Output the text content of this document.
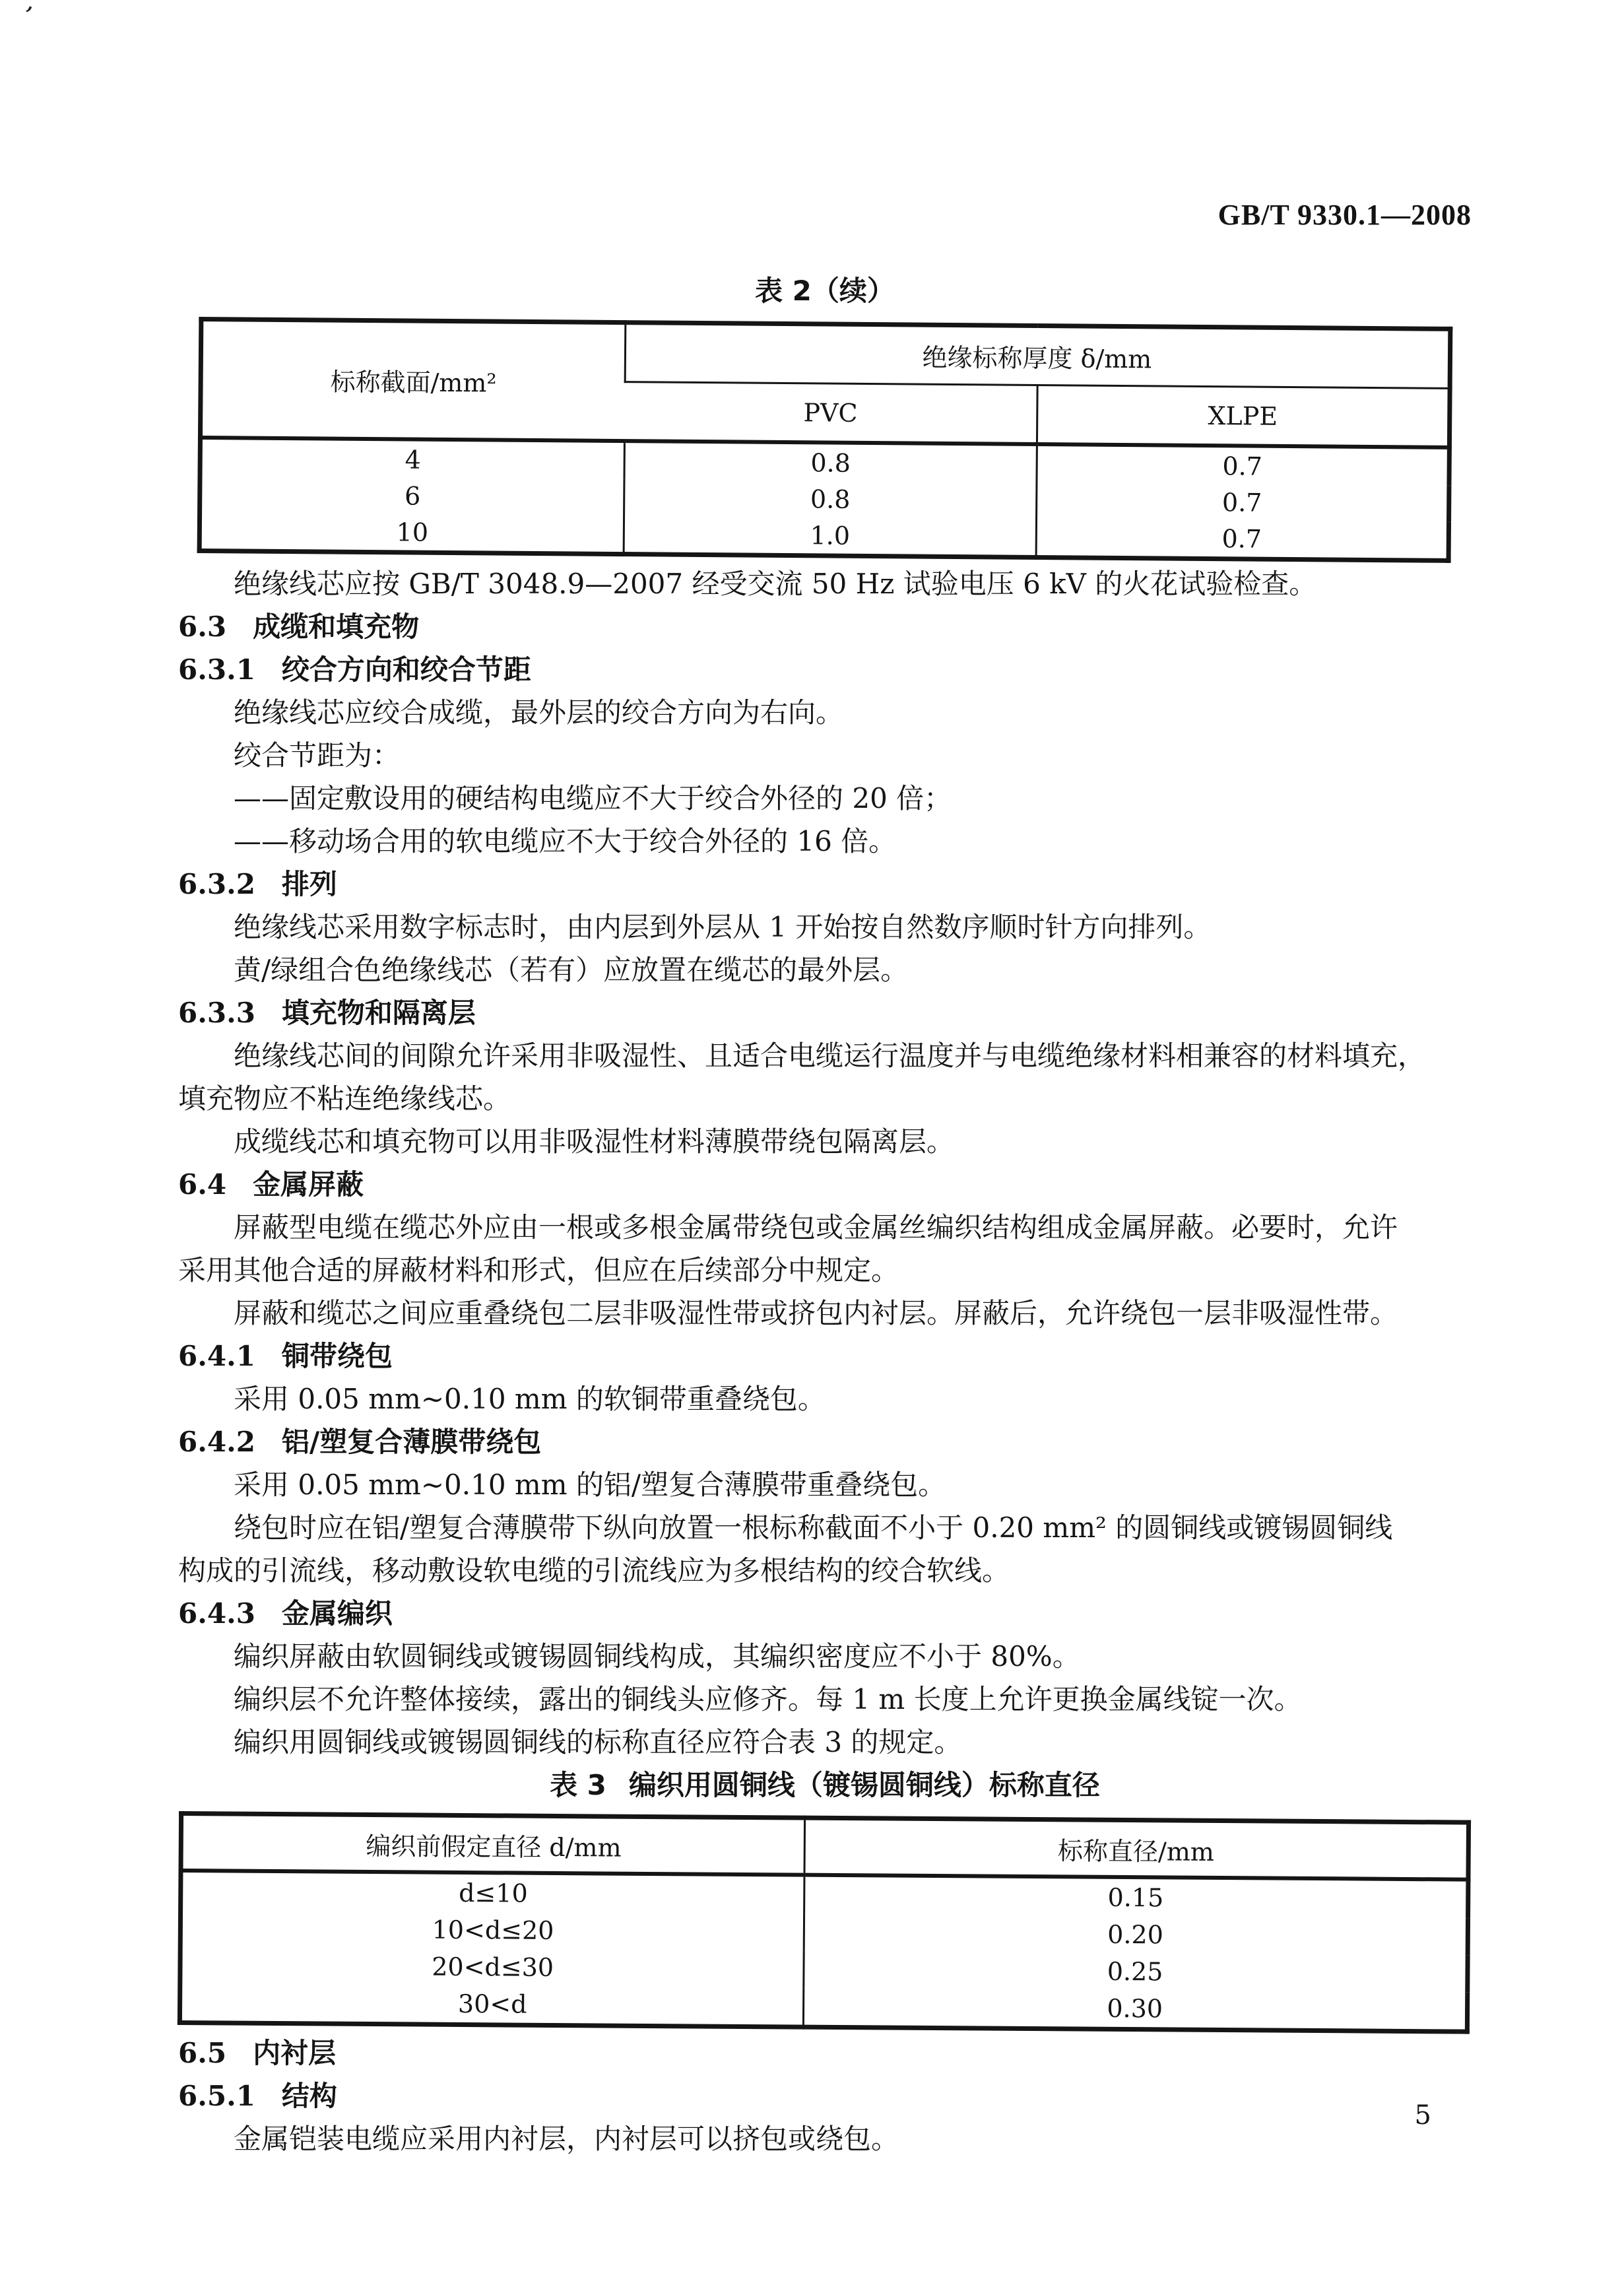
’
GB/T 9330.1—2008

表 2（续）

标称截面/mm²	绝缘标称厚度 δ/mm	
	PVC	XLPE
4	0.8	0.7
6	0.8	0.7
10	1.0	0.7

绝缘线芯应按 GB/T 3048.9—2007 经受交流 50 Hz 试验电压 6 kV 的火花试验检查。

6.3 成缆和填充物

6.3.1 绞合方向和绞合节距

绝缘线芯应绞合成缆，最外层的绞合方向为右向。

绞合节距为：

——固定敷设用的硬结构电缆应不大于绞合外径的 20 倍；

——移动场合用的软电缆应不大于绞合外径的 16 倍。

6.3.2 排列

绝缘线芯采用数字标志时，由内层到外层从 1 开始按自然数序顺时针方向排列。

黄/绿组合色绝缘线芯（若有）应放置在缆芯的最外层。

6.3.3 填充物和隔离层

绝缘线芯间的间隙允许采用非吸湿性、且适合电缆运行温度并与电缆绝缘材料相兼容的材料填充，

填充物应不粘连绝缘线芯。

成缆线芯和填充物可以用非吸湿性材料薄膜带绕包隔离层。

6.4 金属屏蔽

屏蔽型电缆在缆芯外应由一根或多根金属带绕包或金属丝编织结构组成金属屏蔽。必要时，允许

采用其他合适的屏蔽材料和形式，但应在后续部分中规定。

屏蔽和缆芯之间应重叠绕包二层非吸湿性带或挤包内衬层。屏蔽后，允许绕包一层非吸湿性带。

6.4.1 铜带绕包

采用 0.05 mm~0.10 mm 的软铜带重叠绕包。

6.4.2 铝/塑复合薄膜带绕包

采用 0.05 mm~0.10 mm 的铝/塑复合薄膜带重叠绕包。

绕包时应在铝/塑复合薄膜带下纵向放置一根标称截面不小于 0.20 mm² 的圆铜线或镀锡圆铜线

构成的引流线，移动敷设软电缆的引流线应为多根结构的绞合软线。

6.4.3 金属编织

编织屏蔽由软圆铜线或镀锡圆铜线构成，其编织密度应不小于 80%。

编织层不允许整体接续，露出的铜线头应修齐。每 1 m 长度上允许更换金属线锭一次。

编织用圆铜线或镀锡圆铜线的标称直径应符合表 3 的规定。

表 3 编织用圆铜线（镀锡圆铜线）标称直径

编织前假定直径 d/mm	标称直径/mm
d≤10	0.15
10<d≤20	0.20
20<d≤30	0.25
30<d	0.30

6.5 内衬层

6.5.1 结构

金属铠装电缆应采用内衬层，内衬层可以挤包或绕包。

5
